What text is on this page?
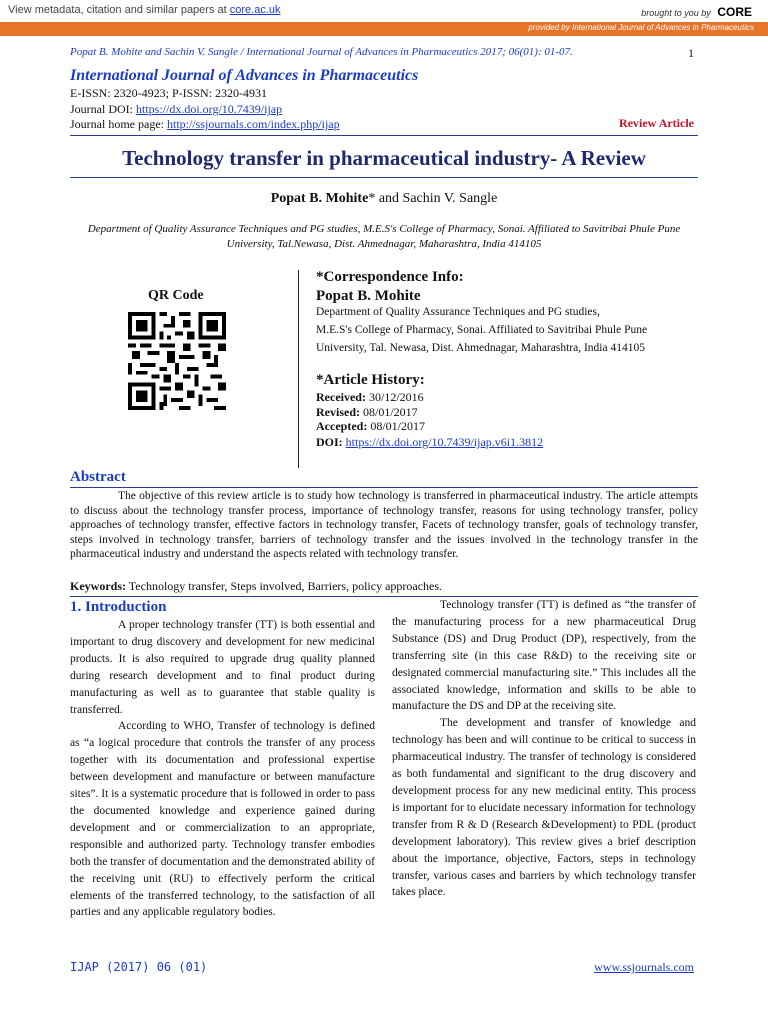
View metadata, citation and similar papers at core.ac.uk	brought to you by CORE
provided by International Journal of Advances in Pharmaceutics
Popat B. Mohite and Sachin V. Sangle / International Journal of Advances in Pharmaceutics 2017; 06(01): 01-07.	1
International Journal of Advances in Pharmaceutics
E-ISSN: 2320-4923; P-ISSN: 2320-4931
Journal DOI: https://dx.doi.org/10.7439/ijap
Journal home page: http://ssjournals.com/index.php/ijap	Review Article
Technology transfer in pharmaceutical industry- A Review
Popat B. Mohite* and Sachin V. Sangle
Department of Quality Assurance Techniques and PG studies, M.E.S's College of Pharmacy, Sonai. Affiliated to Savitribai Phule Pune University, Tal.Newasa, Dist. Ahmednagar, Maharashtra, India 414105
QR Code
*Correspondence Info:
Popat B. Mohite
Department of Quality Assurance Techniques and PG studies,
M.E.S's College of Pharmacy, Sonai. Affiliated to Savitribai Phule Pune
University, Tal. Newasa, Dist. Ahmednagar, Maharashtra, India 414105
*Article History:
Received: 30/12/2016
Revised: 08/01/2017
Accepted: 08/01/2017
DOI: https://dx.doi.org/10.7439/ijap.v6i1.3812
Abstract
The objective of this review article is to study how technology is transferred in pharmaceutical industry. The article attempts to discuss about the technology transfer process, importance of technology transfer, reasons for using technology transfer, policy approaches of technology transfer, effective factors in technology transfer, Facets of technology transfer, goals of technology transfer, steps involved in technology transfer, barriers of technology transfer and the issues involved in the technology transfer in the pharmaceutical industry and understand the aspects related with technology transfer.
Keywords: Technology transfer, Steps involved, Barriers, policy approaches.
1. Introduction

A proper technology transfer (TT) is both essential and important to drug discovery and development for new medicinal products. It is also required to upgrade drug quality planned during research development and to final product during manufacturing as well as to guarantee that stable quality is transferred.

According to WHO, Transfer of technology is defined as “a logical procedure that controls the transfer of any process together with its documentation and professional expertise between development and manufacture or between manufacture sites”. It is a systematic procedure that is followed in order to pass the documented knowledge and experience gained during development and or commercialization to an appropriate, responsible and authorized party. Technology transfer embodies both the transfer of documentation and the demonstrated ability of the receiving unit (RU) to effectively perform the critical elements of the transferred technology, to the satisfaction of all parties and any applicable regulatory bodies.

Technology transfer (TT) is defined as “the transfer of the manufacturing process for a new pharmaceutical Drug Substance (DS) and Drug Product (DP), respectively, from the transferring site (in this case R&D) to the receiving site or designated commercial manufacturing site.” This includes all the associated knowledge, information and skills to be able to manufacture the DS and DP at the receiving site.

The development and transfer of knowledge and technology has been and will continue to be critical to success in pharmaceutical industry. The transfer of technology is considered as both fundamental and significant to the drug discovery and development process for any new medicinal entity. This process is important for to elucidate necessary information for technology transfer from R & D (Research &Development) to PDL (product development laboratory). This review gives a brief description about the importance, objective, Factors, steps in technology transfer, various cases and barriers by which technology transfer takes place.

IJAP (2017) 06 (01)	www.ssjournals.com
